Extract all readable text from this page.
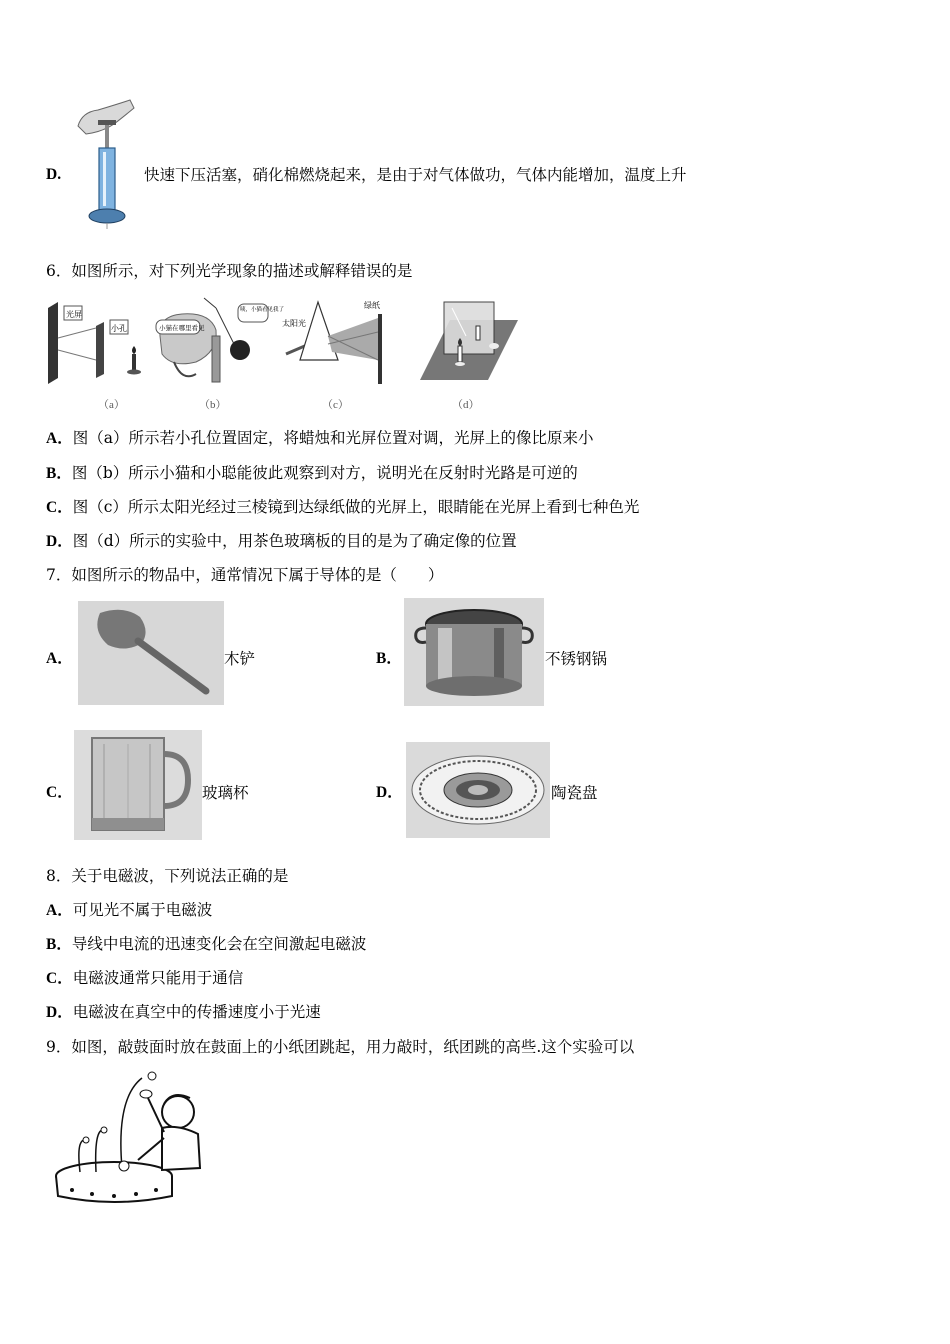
D.	快速下压活塞，硝化棉燃烧起来，是由于对气体做功，气体内能增加，温度上升
6．如图所示，对下列光学现象的描述或解释错误的是
光屏
小孔
（a）
小猫在哪里看见
咦，小猫看见我了
（b）
太阳光
绿纸
（c）	（d）
A．图（a）所示若小孔位置固定，将蜡烛和光屏位置对调，光屏上的像比原来小
B．图（b）所示小猫和小聪能彼此观察到对方，说明光在反射时光路是可逆的
C．图（c）所示太阳光经过三棱镜到达绿纸做的光屏上，眼睛能在光屏上看到七种色光
D．图（d）所示的实验中，用茶色玻璃板的目的是为了确定像的位置
7．如图所示的物品中，通常情况下属于导体的是（　　）
A．	木铲	B．	不锈钢锅
C．	玻璃杯	D．	陶瓷盘
8．关于电磁波，下列说法正确的是
A．可见光不属于电磁波
B．导线中电流的迅速变化会在空间激起电磁波
C．电磁波通常只能用于通信
D．电磁波在真空中的传播速度小于光速
9．如图，敲鼓面时放在鼓面上的小纸团跳起，用力敲时，纸团跳的高些.这个实验可以
